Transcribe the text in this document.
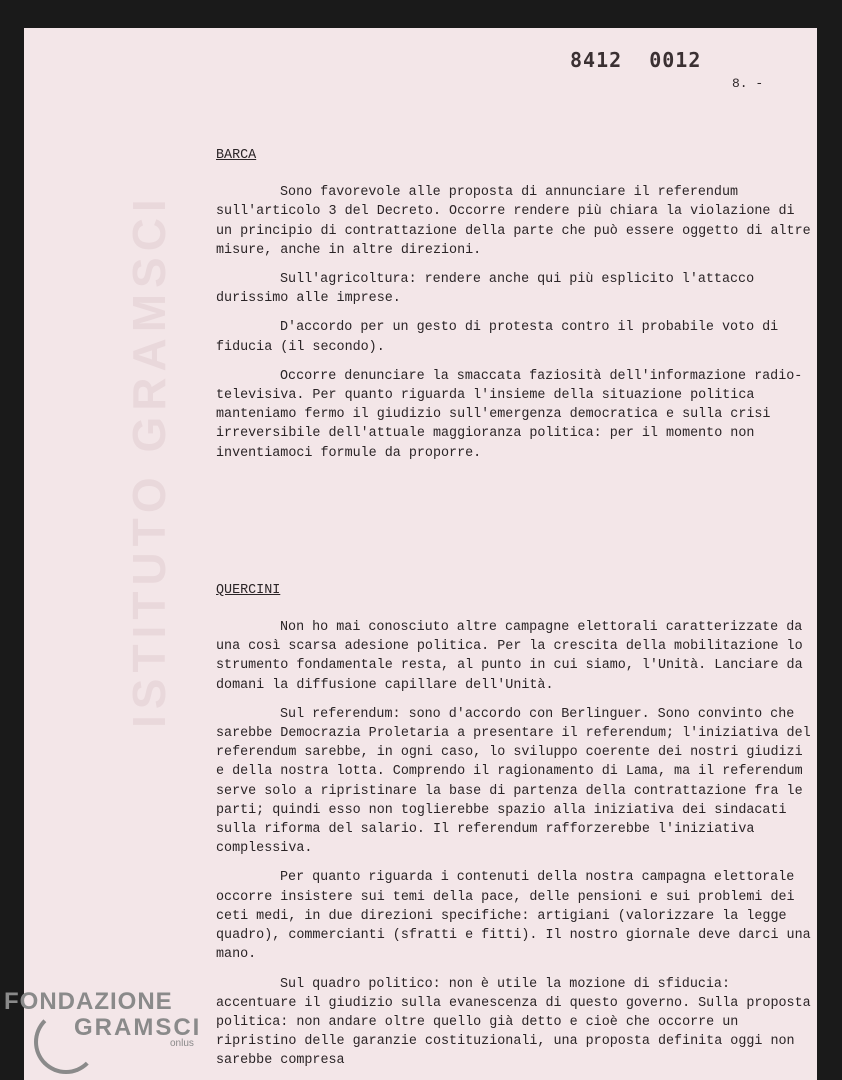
ISTITUTO GRAMSCI
8412 0012
8. -
BARCA

Sono favorevole alle proposta di annunciare il referendum sull'articolo 3 del Decreto. Occorre rendere più chiara la violazione di un principio di contrattazione della parte che può essere oggetto di altre misure, anche in altre direzioni.

Sull'agricoltura: rendere anche qui più esplicito l'attacco durissimo alle imprese.

D'accordo per un gesto di protesta contro il probabile voto di fiducia (il secondo).

Occorre denunciare la smaccata faziosità dell'informazione radio-televisiva. Per quanto riguarda l'insieme della situazione politica manteniamo fermo il giudizio sull'emergenza democratica e sulla crisi irreversibile dell'attuale maggioranza politica: per il momento non inventiamoci formule da proporre.

QUERCINI

Non ho mai conosciuto altre campagne elettorali caratterizzate da una così scarsa adesione politica. Per la crescita della mobilitazione lo strumento fondamentale resta, al punto in cui siamo, l'Unità. Lanciare da domani la diffusione capillare dell'Unità.

Sul referendum: sono d'accordo con Berlinguer. Sono convinto che sarebbe Democrazia Proletaria a presentare il referendum; l'iniziativa del referendum sarebbe, in ogni caso, lo sviluppo coerente dei nostri giudizi e della nostra lotta. Comprendo il ragionamento di Lama, ma il referendum serve solo a ripristinare la base di partenza della contrattazione fra le parti; quindi esso non toglierebbe spazio alla iniziativa dei sindacati sulla riforma del salario. Il referendum rafforzerebbe l'iniziativa complessiva.

Per quanto riguarda i contenuti della nostra campagna elettorale occorre insistere sui temi della pace, delle pensioni e sui problemi dei ceti medi, in due direzioni specifiche: artigiani (valorizzare la legge quadro), commercianti (sfratti e fitti). Il nostro giornale deve darci una mano.

Sul quadro politico: non è utile la mozione di sfiducia: accentuare il giudizio sulla evanescenza di questo governo. Sulla proposta politica: non andare oltre quello già detto e cioè che occorre un ripristino delle garanzie costituzionali, una proposta definita oggi non sarebbe compresa

FONDAZIONE
GRAMSCI
onlus
